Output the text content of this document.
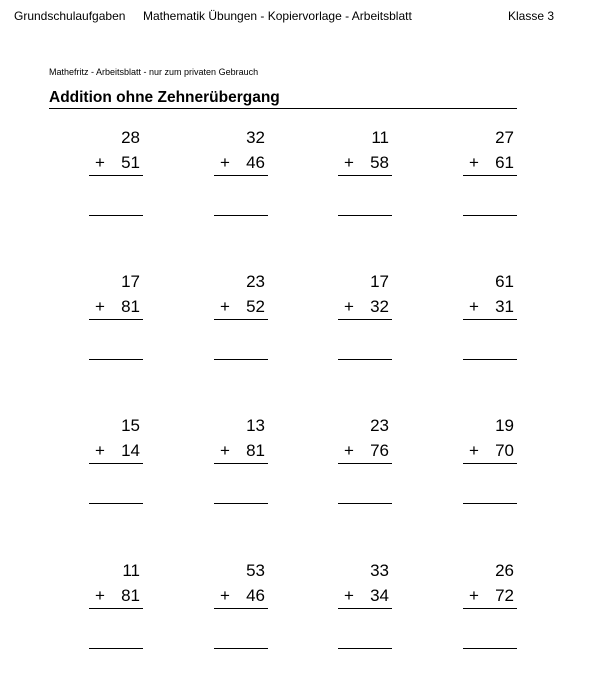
Grundschulaufgaben Mathematik Übungen - Kopiervorlage - Arbeitsblatt	Klasse 3
Mathefritz - Arbeitsblatt - nur zum privaten Gebrauch
Addition ohne Zehnerübergang
28
+ 51
32
+ 46
11
+ 58
27
+ 61
17
+ 81
23
+ 52
17
+ 32
61
+ 31
15
+ 14
13
+ 81
23
+ 76
19
+ 70
11
+ 81
53
+ 46
33
+ 34
26
+ 72
